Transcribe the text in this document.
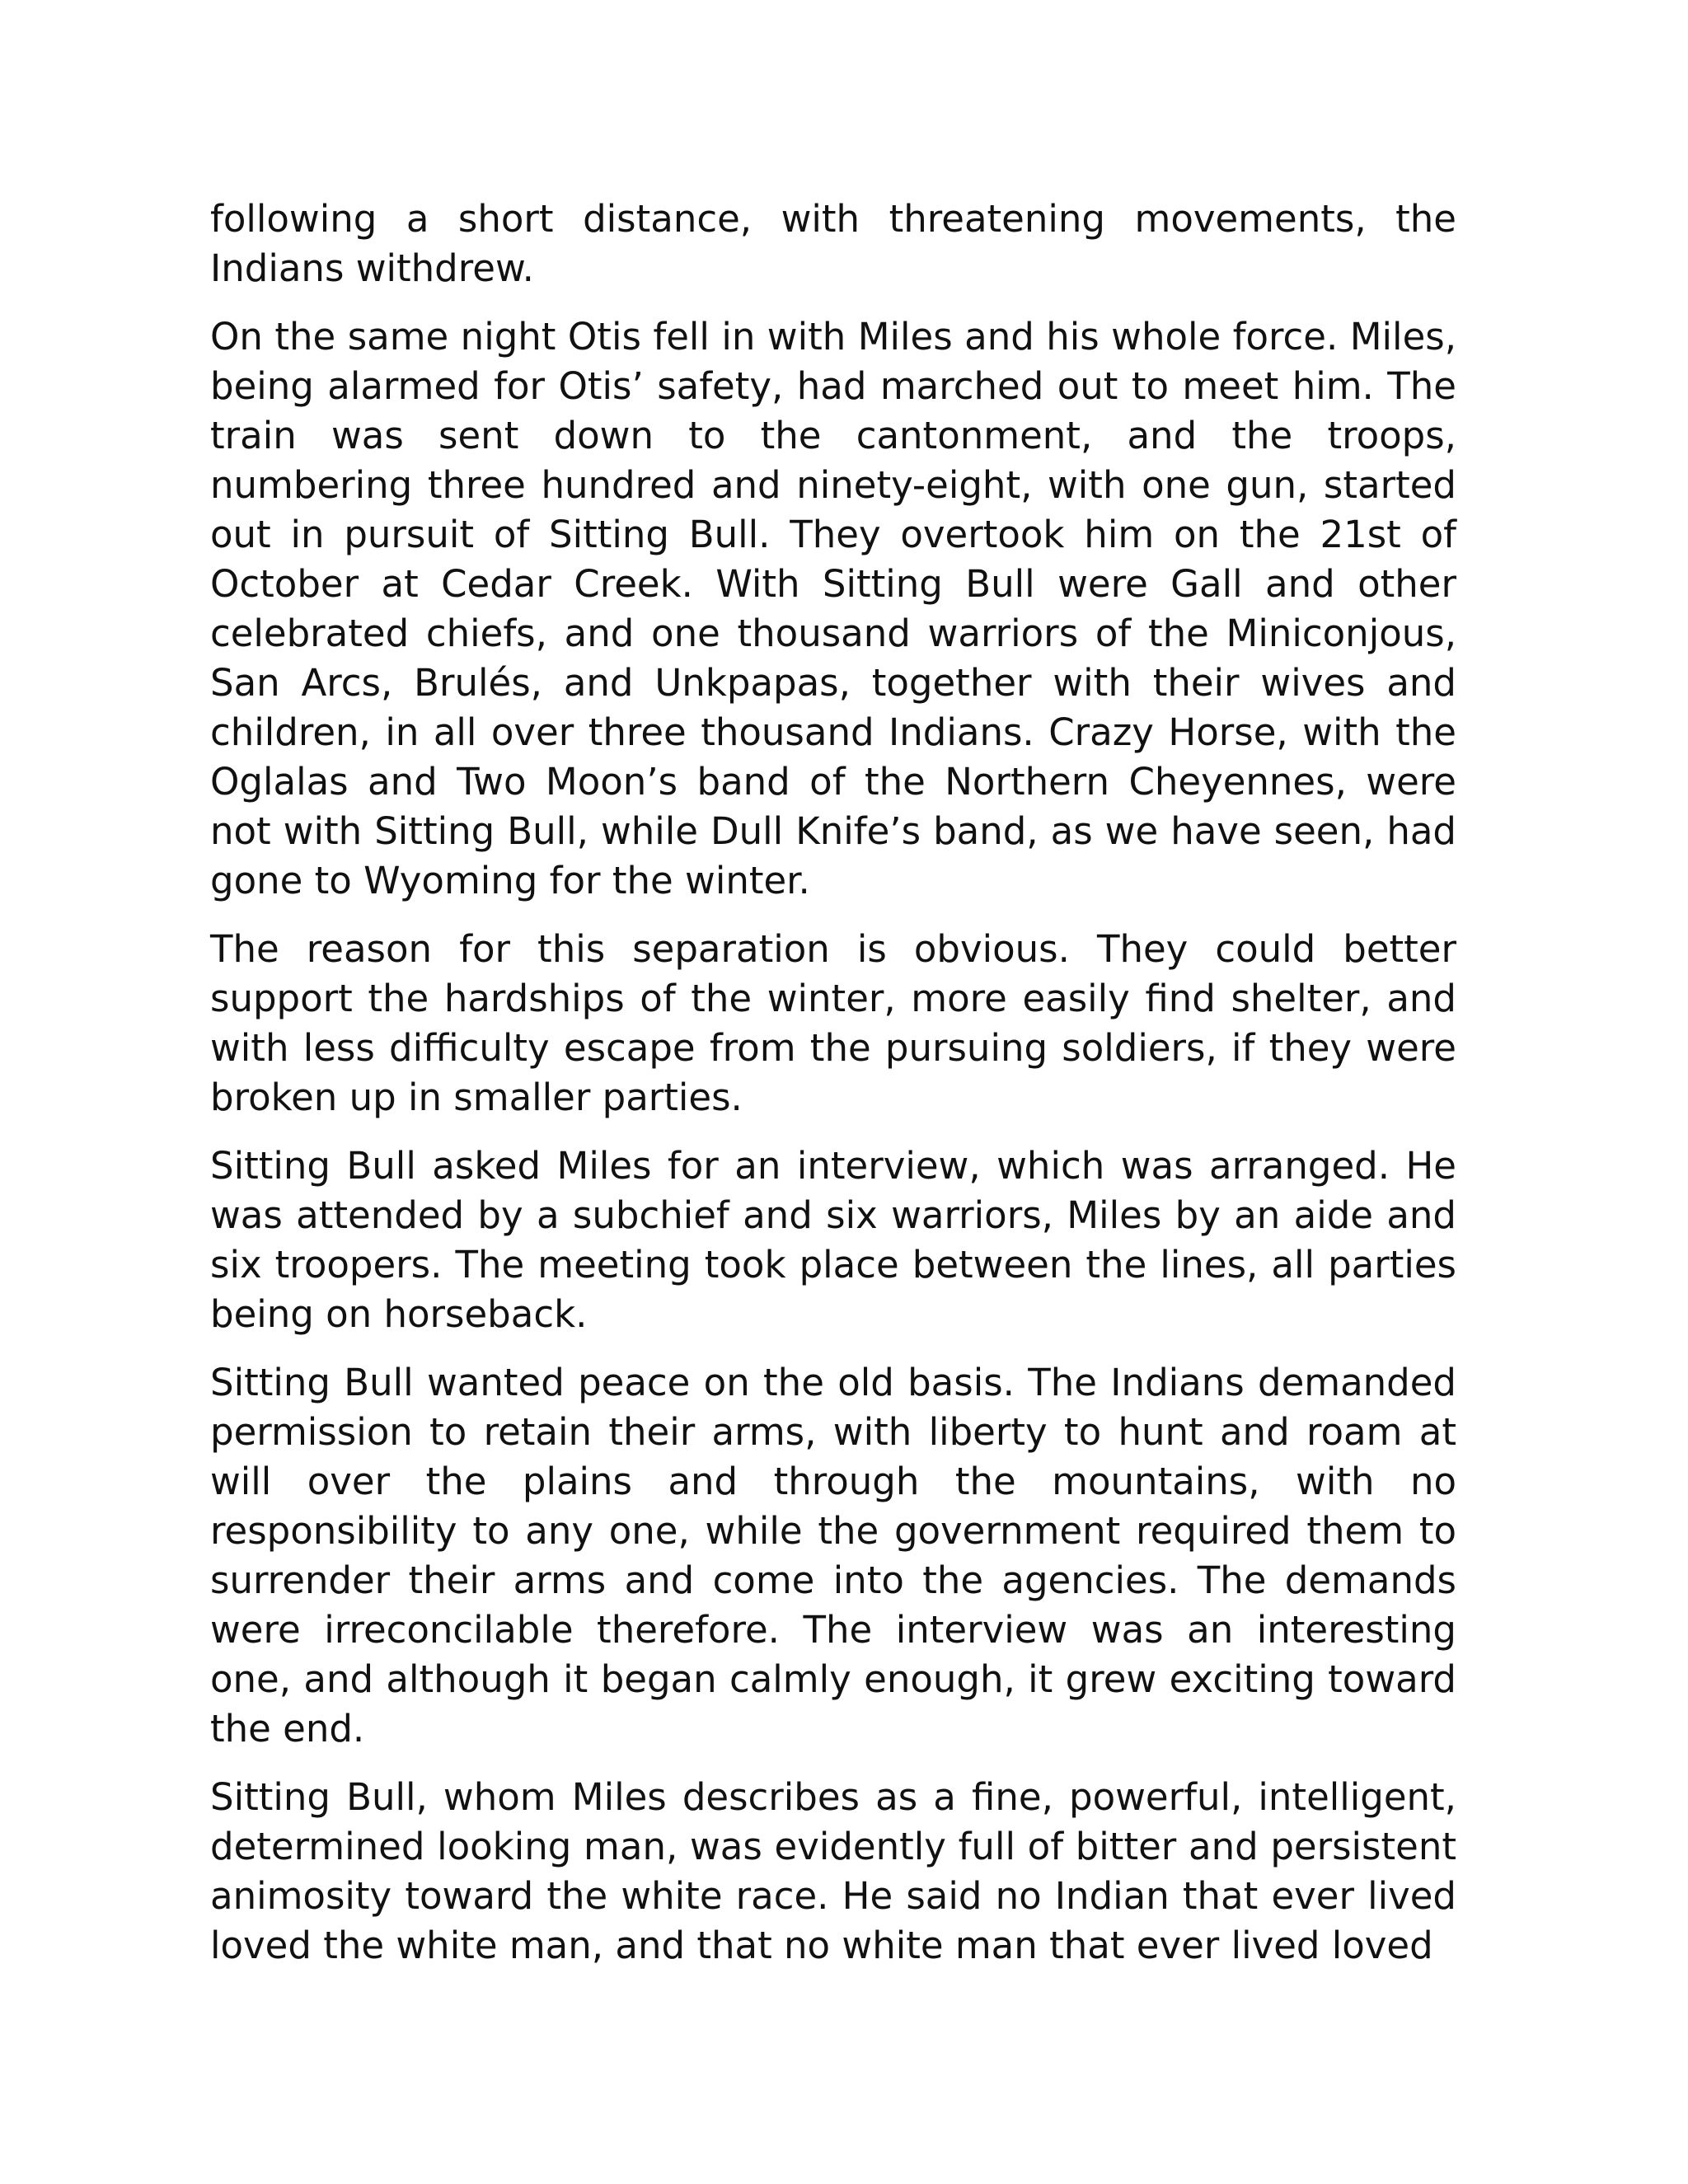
following a short distance, with threatening movements, the Indians withdrew.

On the same night Otis fell in with Miles and his whole force. Miles, being alarmed for Otis’ safety, had marched out to meet him. The train was sent down to the cantonment, and the troops, numbering three hundred and ninety-eight, with one gun, started out in pursuit of Sitting Bull. They overtook him on the 21st of October at Cedar Creek. With Sitting Bull were Gall and other celebrated chiefs, and one thousand warriors of the Miniconjous, San Arcs, Brulés, and Unkpapas, together with their wives and children, in all over three thousand Indians. Crazy Horse, with the Oglalas and Two Moon’s band of the Northern Cheyennes, were not with Sitting Bull, while Dull Knife’s band, as we have seen, had gone to Wyoming for the winter.

The reason for this separation is obvious. They could better support the hardships of the winter, more easily find shelter, and with less difficulty escape from the pursuing soldiers, if they were broken up in smaller parties.

Sitting Bull asked Miles for an interview, which was arranged. He was attended by a subchief and six warriors, Miles by an aide and six troopers. The meeting took place between the lines, all parties being on horseback.

Sitting Bull wanted peace on the old basis. The Indians demanded permission to retain their arms, with liberty to hunt and roam at will over the plains and through the mountains, with no responsibility to any one, while the government required them to surrender their arms and come into the agencies. The demands were irreconcilable therefore. The interview was an interesting one, and although it began calmly enough, it grew exciting toward the end.

Sitting Bull, whom Miles describes as a fine, powerful, intelligent, determined looking man, was evidently full of bitter and persistent animosity toward the white race. He said no Indian that ever lived loved the white man, and that no white man that ever lived loved
